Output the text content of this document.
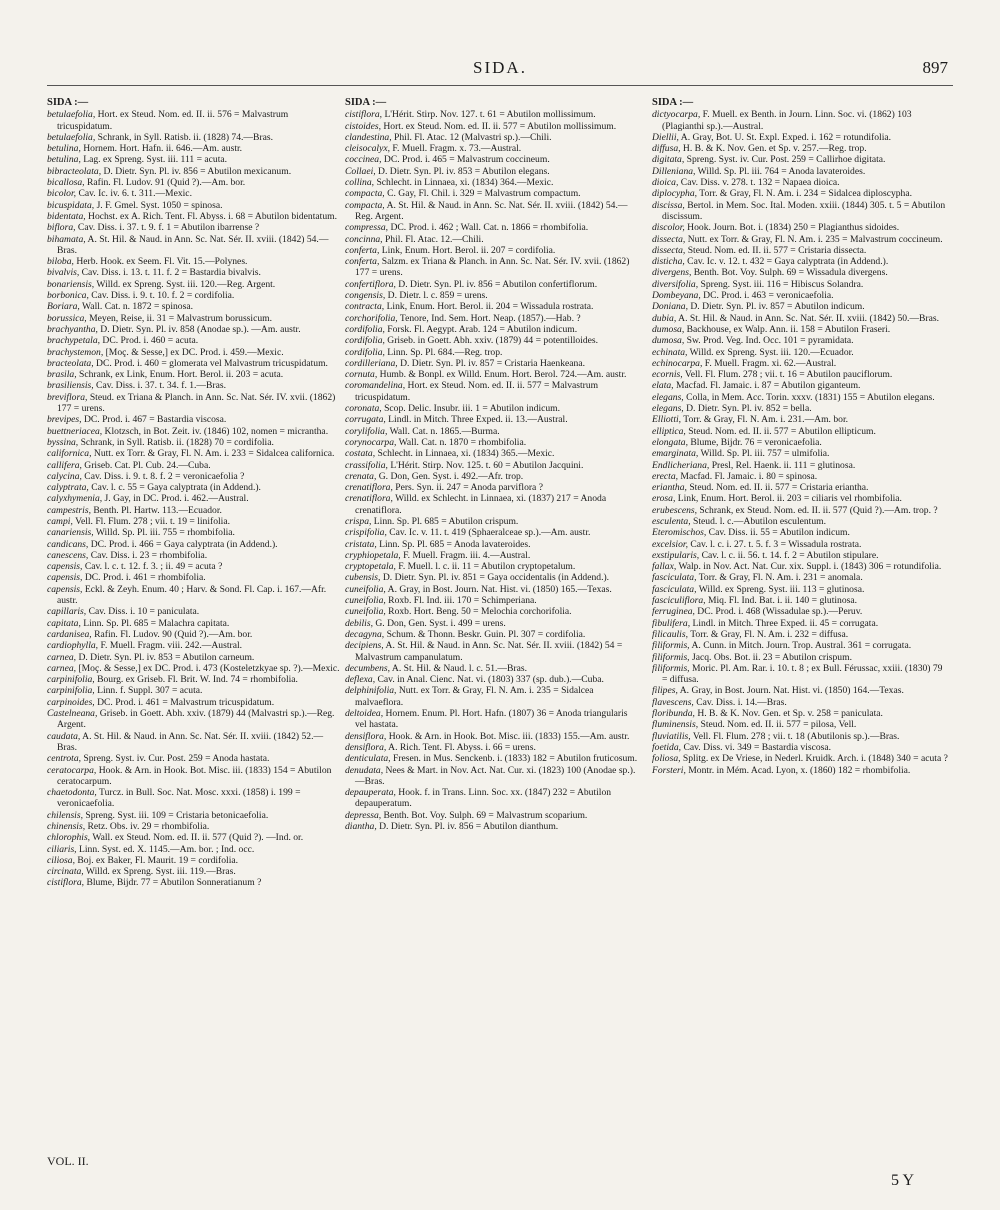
SIDA.	897
SIDA :—

betulaefolia, Hort. ex Steud. Nom. ed. II. ii. 576 = Malvastrum tricuspidatum.

betulaefolia, Schrank, in Syll. Ratisb. ii. (1828) 74.—Bras.

betulina, Hornem. Hort. Hafn. ii. 646.—Am. austr.

betulina, Lag. ex Spreng. Syst. iii. 111 = acuta.

bibracteolata, D. Dietr. Syn. Pl. iv. 856 = Abutilon mexicanum.

bicallosa, Rafin. Fl. Ludov. 91 (Quid ?).—Am. bor.

bicolor, Cav. Ic. iv. 6. t. 311.—Mexic.

bicuspidata, J. F. Gmel. Syst. 1050 = spinosa.

bidentata, Hochst. ex A. Rich. Tent. Fl. Abyss. i. 68 = Abutilon bidentatum.

biflora, Cav. Diss. i. 37. t. 9. f. 1 = Abutilon ibarrense ?

bihamata, A. St. Hil. & Naud. in Ann. Sc. Nat. Sér. II. xviii. (1842) 54.—Bras.

biloba, Herb. Hook. ex Seem. Fl. Vit. 15.—Polynes.

bivalvis, Cav. Diss. i. 13. t. 11. f. 2 = Bastardia bivalvis.

bonariensis, Willd. ex Spreng. Syst. iii. 120.—Reg. Argent.

borbonica, Cav. Diss. i. 9. t. 10. f. 2 = cordifolia.

Boriara, Wall. Cat. n. 1872 = spinosa.

borussica, Meyen, Reise, ii. 31 = Malvastrum borussicum.

brachyantha, D. Dietr. Syn. Pl. iv. 858 (Anodae sp.). —Am. austr.

brachypetala, DC. Prod. i. 460 = acuta.

brachystemon, [Moç. & Sesse,] ex DC. Prod. i. 459.—Mexic.

bracteolata, DC. Prod. i. 460 = glomerata vel Malvastrum tricuspidatum.

brasila, Schrank, ex Link, Enum. Hort. Berol. ii. 203 = acuta.

brasiliensis, Cav. Diss. i. 37. t. 34. f. 1.—Bras.

breviflora, Steud. ex Triana & Planch. in Ann. Sc. Nat. Sér. IV. xvii. (1862) 177 = urens.

brevipes, DC. Prod. i. 467 = Bastardia viscosa.

buettneriacea, Klotzsch, in Bot. Zeit. iv. (1846) 102, nomen = micrantha.

byssina, Schrank, in Syll. Ratisb. ii. (1828) 70 = cordifolia.

californica, Nutt. ex Torr. & Gray, Fl. N. Am. i. 233 = Sidalcea californica.

callifera, Griseb. Cat. Pl. Cub. 24.—Cuba.

calycina, Cav. Diss. i. 9. t. 8. f. 2 = veronicaefolia ?

calyptrata, Cav. l. c. 55 = Gaya calyptrata (in Addend.).

calyxhymenia, J. Gay, in DC. Prod. i. 462.—Austral.

campestris, Benth. Pl. Hartw. 113.—Ecuador.

campi, Vell. Fl. Flum. 278 ; vii. t. 19 = linifolia.

canariensis, Willd. Sp. Pl. iii. 755 = rhombifolia.

candicans, DC. Prod. i. 466 = Gaya calyptrata (in Addend.).

canescens, Cav. Diss. i. 23 = rhombifolia.

capensis, Cav. l. c. t. 12. f. 3. ; ii. 49 = acuta ?

capensis, DC. Prod. i. 461 = rhombifolia.

capensis, Eckl. & Zeyh. Enum. 40 ; Harv. & Sond. Fl. Cap. i. 167.—Afr. austr.

capillaris, Cav. Diss. i. 10 = paniculata.

capitata, Linn. Sp. Pl. 685 = Malachra capitata.

cardanisea, Rafin. Fl. Ludov. 90 (Quid ?).—Am. bor.

cardiophylla, F. Muell. Fragm. viii. 242.—Austral.

carnea, D. Dietr. Syn. Pl. iv. 853 = Abutilon carneum.

carnea, [Moç. & Sesse,] ex DC. Prod. i. 473 (Kosteletzkyae sp. ?).—Mexic.

carpinifolia, Bourg. ex Griseb. Fl. Brit. W. Ind. 74 = rhombifolia.

carpinifolia, Linn. f. Suppl. 307 = acuta.

carpinoides, DC. Prod. i. 461 = Malvastrum tricuspidatum.

Castelneana, Griseb. in Goett. Abh. xxiv. (1879) 44 (Malvastri sp.).—Reg. Argent.

caudata, A. St. Hil. & Naud. in Ann. Sc. Nat. Sér. II. xviii. (1842) 52.—Bras.

centrota, Spreng. Syst. iv. Cur. Post. 259 = Anoda hastata.

ceratocarpa, Hook. & Arn. in Hook. Bot. Misc. iii. (1833) 154 = Abutilon ceratocarpum.

chaetodonta, Turcz. in Bull. Soc. Nat. Mosc. xxxi. (1858) i. 199 = veronicaefolia.

chilensis, Spreng. Syst. iii. 109 = Cristaria betonicaefolia.

chinensis, Retz. Obs. iv. 29 = rhombifolia.

chlorophis, Wall. ex Steud. Nom. ed. II. ii. 577 (Quid ?). —Ind. or.

ciliaris, Linn. Syst. ed. X. 1145.—Am. bor. ; Ind. occ.

ciliosa, Boj. ex Baker, Fl. Maurit. 19 = cordifolia.

circinata, Willd. ex Spreng. Syst. iii. 119.—Bras.

cistiflora, Blume, Bijdr. 77 = Abutilon Sonneratianum ?

SIDA :—

cistiflora, L'Hérit. Stirp. Nov. 127. t. 61 = Abutilon mollissimum.

cistoides, Hort. ex Steud. Nom. ed. II. ii. 577 = Abutilon mollissimum.

clandestina, Phil. Fl. Atac. 12 (Malvastri sp.).—Chili.

cleisocalyx, F. Muell. Fragm. x. 73.—Austral.

coccinea, DC. Prod. i. 465 = Malvastrum coccineum.

Collaei, D. Dietr. Syn. Pl. iv. 853 = Abutilon elegans.

collina, Schlecht. in Linnaea, xi. (1834) 364.—Mexic.

compacta, C. Gay, Fl. Chil. i. 329 = Malvastrum compactum.

compacta, A. St. Hil. & Naud. in Ann. Sc. Nat. Sér. II. xviii. (1842) 54.—Reg. Argent.

compressa, DC. Prod. i. 462 ; Wall. Cat. n. 1866 = rhombifolia.

concinna, Phil. Fl. Atac. 12.—Chili.

conferta, Link, Enum. Hort. Berol. ii. 207 = cordifolia.

conferta, Salzm. ex Triana & Planch. in Ann. Sc. Nat. Sér. IV. xvii. (1862) 177 = urens.

confertiflora, D. Dietr. Syn. Pl. iv. 856 = Abutilon confertiflorum.

congensis, D. Dietr. l. c. 859 = urens.

contracta, Link, Enum. Hort. Berol. ii. 204 = Wissadula rostrata.

corchorifolia, Tenore, Ind. Sem. Hort. Neap. (1857).—Hab. ?

cordifolia, Forsk. Fl. Aegypt. Arab. 124 = Abutilon indicum.

cordifolia, Griseb. in Goett. Abh. xxiv. (1879) 44 = potentilloides.

cordifolia, Linn. Sp. Pl. 684.—Reg. trop.

cordilleriana, D. Dietr. Syn. Pl. iv. 857 = Cristaria Haenkeana.

cornuta, Humb. & Bonpl. ex Willd. Enum. Hort. Berol. 724.—Am. austr.

coromandelina, Hort. ex Steud. Nom. ed. II. ii. 577 = Malvastrum tricuspidatum.

coronata, Scop. Delic. Insubr. iii. 1 = Abutilon indicum.

corrugata, Lindl. in Mitch. Three Exped. ii. 13.—Austral.

corylifolia, Wall. Cat. n. 1865.—Burma.

corynocarpa, Wall. Cat. n. 1870 = rhombifolia.

costata, Schlecht. in Linnaea, xi. (1834) 365.—Mexic.

crassifolia, L'Hérit. Stirp. Nov. 125. t. 60 = Abutilon Jacquini.

crenata, G. Don, Gen. Syst. i. 492.—Afr. trop.

crenatiflora, Pers. Syn. ii. 247 = Anoda parviflora ?

crenatiflora, Willd. ex Schlecht. in Linnaea, xi. (1837) 217 = Anoda crenatiflora.

crispa, Linn. Sp. Pl. 685 = Abutilon crispum.

crispifolia, Cav. Ic. v. 11. t. 419 (Sphaeralceae sp.).—Am. austr.

cristata, Linn. Sp. Pl. 685 = Anoda lavateroides.

cryphiopetala, F. Muell. Fragm. iii. 4.—Austral.

cryptopetala, F. Muell. l. c. ii. 11 = Abutilon cryptopetalum.

cubensis, D. Dietr. Syn. Pl. iv. 851 = Gaya occidentalis (in Addend.).

cuneifolia, A. Gray, in Bost. Journ. Nat. Hist. vi. (1850) 165.—Texas.

cuneifolia, Roxb. Fl. Ind. iii. 170 = Schimperiana.

cuneifolia, Roxb. Hort. Beng. 50 = Melochia corchorifolia.

debilis, G. Don, Gen. Syst. i. 499 = urens.

decagyna, Schum. & Thonn. Beskr. Guin. Pl. 307 = cordifolia.

decipiens, A. St. Hil. & Naud. in Ann. Sc. Nat. Sér. II. xviii. (1842) 54 = Malvastrum campanulatum.

decumbens, A. St. Hil. & Naud. l. c. 51.—Bras.

deflexa, Cav. in Anal. Cienc. Nat. vi. (1803) 337 (sp. dub.).—Cuba.

delphinifolia, Nutt. ex Torr. & Gray, Fl. N. Am. i. 235 = Sidalcea malvaeflora.

deltoidea, Hornem. Enum. Pl. Hort. Hafn. (1807) 36 = Anoda triangularis vel hastata.

densiflora, Hook. & Arn. in Hook. Bot. Misc. iii. (1833) 155.—Am. austr.

densiflora, A. Rich. Tent. Fl. Abyss. i. 66 = urens.

denticulata, Fresen. in Mus. Senckenb. i. (1833) 182 = Abutilon fruticosum.

denudata, Nees & Mart. in Nov. Act. Nat. Cur. xi. (1823) 100 (Anodae sp.).—Bras.

depauperata, Hook. f. in Trans. Linn. Soc. xx. (1847) 232 = Abutilon depauperatum.

depressa, Benth. Bot. Voy. Sulph. 69 = Malvastrum scoparium.

diantha, D. Dietr. Syn. Pl. iv. 856 = Abutilon dianthum.

SIDA :—

dictyocarpa, F. Muell. ex Benth. in Journ. Linn. Soc. vi. (1862) 103 (Plagianthi sp.).—Austral.

Diellii, A. Gray, Bot. U. St. Expl. Exped. i. 162 = rotundifolia.

diffusa, H. B. & K. Nov. Gen. et Sp. v. 257.—Reg. trop.

digitata, Spreng. Syst. iv. Cur. Post. 259 = Callirhoe digitata.

Dilleniana, Willd. Sp. Pl. iii. 764 = Anoda lavateroides.

dioica, Cav. Diss. v. 278. t. 132 = Napaea dioica.

diplocypha, Torr. & Gray, Fl. N. Am. i. 234 = Sidalcea diploscypha.

discissa, Bertol. in Mem. Soc. Ital. Moden. xxiii. (1844) 305. t. 5 = Abutilon discissum.

discolor, Hook. Journ. Bot. i. (1834) 250 = Plagianthus sidoides.

dissecta, Nutt. ex Torr. & Gray, Fl. N. Am. i. 235 = Malvastrum coccineum.

dissecta, Steud. Nom. ed. II. ii. 577 = Cristaria dissecta.

disticha, Cav. Ic. v. 12. t. 432 = Gaya calyptrata (in Addend.).

divergens, Benth. Bot. Voy. Sulph. 69 = Wissadula divergens.

diversifolia, Spreng. Syst. iii. 116 = Hibiscus Solandra.

Dombeyana, DC. Prod. i. 463 = veronicaefolia.

Doniana, D. Dietr. Syn. Pl. iv. 857 = Abutilon indicum.

dubia, A. St. Hil. & Naud. in Ann. Sc. Nat. Sér. II. xviii. (1842) 50.—Bras.

dumosa, Backhouse, ex Walp. Ann. ii. 158 = Abutilon Fraseri.

dumosa, Sw. Prod. Veg. Ind. Occ. 101 = pyramidata.

echinata, Willd. ex Spreng. Syst. iii. 120.—Ecuador.

echinocarpa, F. Muell. Fragm. xi. 62.—Austral.

ecornis, Vell. Fl. Flum. 278 ; vii. t. 16 = Abutilon pauciflorum.

elata, Macfad. Fl. Jamaic. i. 87 = Abutilon giganteum.

elegans, Colla, in Mem. Acc. Torin. xxxv. (1831) 155 = Abutilon elegans.

elegans, D. Dietr. Syn. Pl. iv. 852 = bella.

Elliotti, Torr. & Gray, Fl. N. Am. i. 231.—Am. bor.

elliptica, Steud. Nom. ed. II. ii. 577 = Abutilon ellipticum.

elongata, Blume, Bijdr. 76 = veronicaefolia.

emarginata, Willd. Sp. Pl. iii. 757 = ulmifolia.

Endlicheriana, Presl, Rel. Haenk. ii. 111 = glutinosa.

erecta, Macfad. Fl. Jamaic. i. 80 = spinosa.

eriantha, Steud. Nom. ed. II. ii. 577 = Cristaria eriantha.

erosa, Link, Enum. Hort. Berol. ii. 203 = ciliaris vel rhombifolia.

erubescens, Schrank, ex Steud. Nom. ed. II. ii. 577 (Quid ?).—Am. trop. ?

esculenta, Steud. l. c.—Abutilon esculentum.

Eteromischos, Cav. Diss. ii. 55 = Abutilon indicum.

excelsior, Cav. l. c. i. 27. t. 5. f. 3 = Wissadula rostrata.

exstipularis, Cav. l. c. ii. 56. t. 14. f. 2 = Abutilon stipulare.

fallax, Walp. in Nov. Act. Nat. Cur. xix. Suppl. i. (1843) 306 = rotundifolia.

fasciculata, Torr. & Gray, Fl. N. Am. i. 231 = anomala.

fasciculata, Willd. ex Spreng. Syst. iii. 113 = glutinosa.

fasciculiflora, Miq. Fl. Ind. Bat. i. ii. 140 = glutinosa.

ferruginea, DC. Prod. i. 468 (Wissadulae sp.).—Peruv.

fibulifera, Lindl. in Mitch. Three Exped. ii. 45 = corrugata.

filicaulis, Torr. & Gray, Fl. N. Am. i. 232 = diffusa.

filiformis, A. Cunn. in Mitch. Journ. Trop. Austral. 361 = corrugata.

filiformis, Jacq. Obs. Bot. ii. 23 = Abutilon crispum.

filiformis, Moric. Pl. Am. Rar. i. 10. t. 8 ; ex Bull. Férussac, xxiii. (1830) 79 = diffusa.

filipes, A. Gray, in Bost. Journ. Nat. Hist. vi. (1850) 164.—Texas.

flavescens, Cav. Diss. i. 14.—Bras.

floribunda, H. B. & K. Nov. Gen. et Sp. v. 258 = paniculata.

fluminensis, Steud. Nom. ed. II. ii. 577 = pilosa, Vell.

fluviatilis, Vell. Fl. Flum. 278 ; vii. t. 18 (Abutilonis sp.).—Bras.

foetida, Cav. Diss. vi. 349 = Bastardia viscosa.

foliosa, Splitg. ex De Vriese, in Nederl. Kruidk. Arch. i. (1848) 340 = acuta ?

Forsteri, Montr. in Mém. Acad. Lyon, x. (1860) 182 = rhombifolia.

VOL. II.
5 Y
